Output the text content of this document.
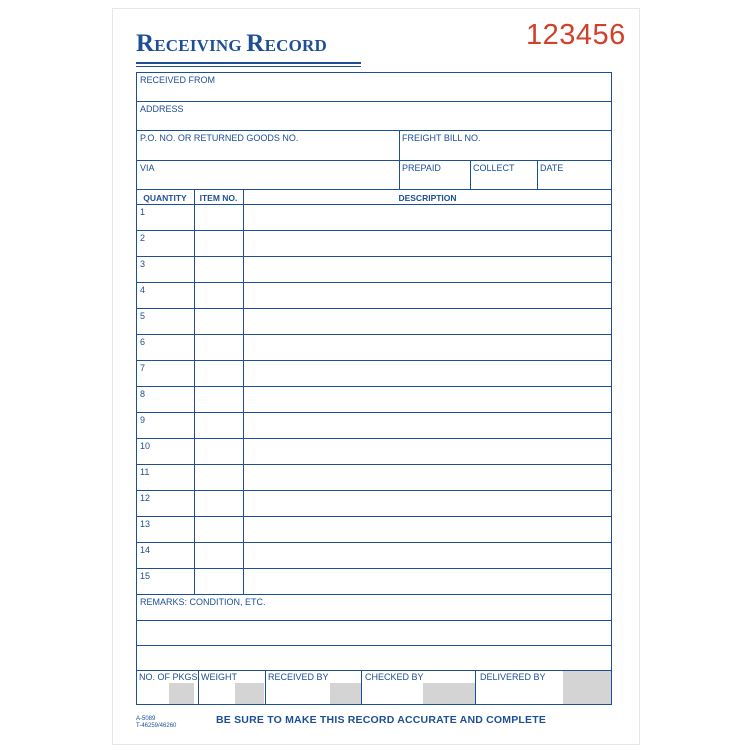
RECEIVING RECORD	123456
RECEIVED FROM
ADDRESS
P.O. NO. OR RETURNED GOODS NO.	FREIGHT BILL NO.
VIA	PREPAID	COLLECT	DATE
QUANTITY	ITEM NO.	DESCRIPTION
1
2
3
4
5
6
7
8
9
10
11
12
13
14
15
REMARKS: CONDITION, ETC.
NO. OF PKGS. WEIGHT	RECEIVED BY	CHECKED BY	DELIVERED BY
A-5089
T-46259/46260	BE SURE TO MAKE THIS RECORD ACCURATE AND COMPLETE
